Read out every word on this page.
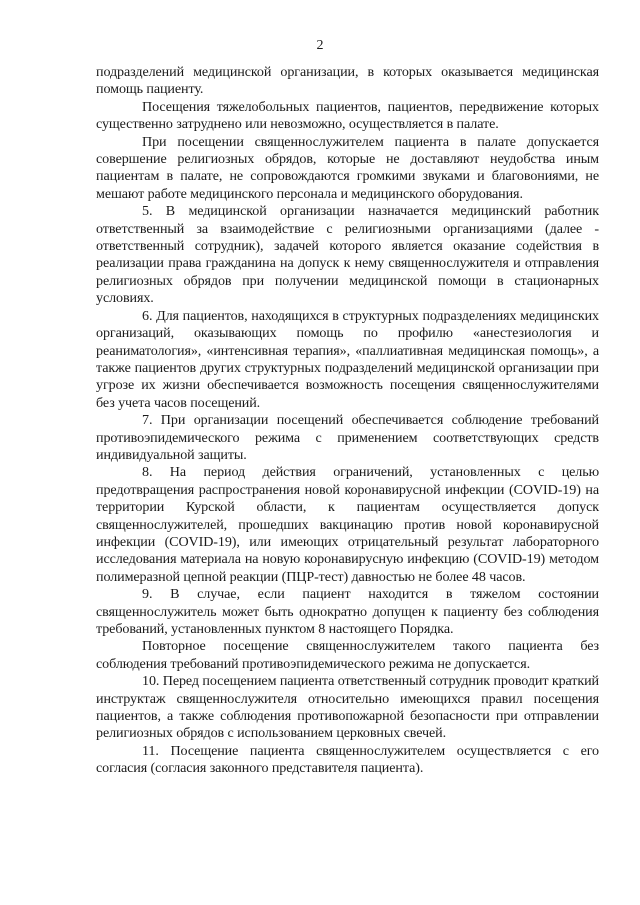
2

подразделений медицинской организации, в которых оказывается медицинская помощь пациенту.

Посещения тяжелобольных пациентов, пациентов, передвижение которых существенно затруднено или невозможно, осуществляется в палате.

При посещении священнослужителем пациента в палате допускается совершение религиозных обрядов, которые не доставляют неудобства иным пациентам в палате, не сопровождаются громкими звуками и благовониями, не мешают работе медицинского персонала и медицинского оборудования.

5. В медицинской организации назначается медицинский работник ответственный за взаимодействие с религиозными организациями (далее - ответственный сотрудник), задачей которого является оказание содействия в реализации права гражданина на допуск к нему священнослужителя и отправления религиозных обрядов при получении медицинской помощи в стационарных условиях.

6. Для пациентов, находящихся в структурных подразделениях медицинских организаций, оказывающих помощь по профилю «анестезиология и реаниматология», «интенсивная терапия», «паллиативная медицинская помощь», а также пациентов других структурных подразделений медицинской организации при угрозе их жизни обеспечивается возможность посещения священнослужителями без учета часов посещений.

7. При организации посещений обеспечивается соблюдение требований противоэпидемического режима с применением соответствующих средств индивидуальной защиты.

8. На период действия ограничений, установленных с целью предотвращения распространения новой коронавирусной инфекции (COVID-19) на территории Курской области, к пациентам осуществляется допуск священнослужителей, прошедших вакцинацию против новой коронавирусной инфекции (COVID-19), или имеющих отрицательный результат лабораторного исследования материала на новую коронавирусную инфекцию (COVID-19) методом полимеразной цепной реакции (ПЦР-тест) давностью не более 48 часов.

9. В случае, если пациент находится в тяжелом состоянии священнослужитель может быть однократно допущен к пациенту без соблюдения требований, установленных пунктом 8 настоящего Порядка.

Повторное посещение священнослужителем такого пациента без соблюдения требований противоэпидемического режима не допускается.

10. Перед посещением пациента ответственный сотрудник проводит краткий инструктаж священнослужителя относительно имеющихся правил посещения пациентов, а также соблюдения противопожарной безопасности при отправлении религиозных обрядов с использованием церковных свечей.

11. Посещение пациента священнослужителем осуществляется с его согласия (согласия законного представителя пациента).
